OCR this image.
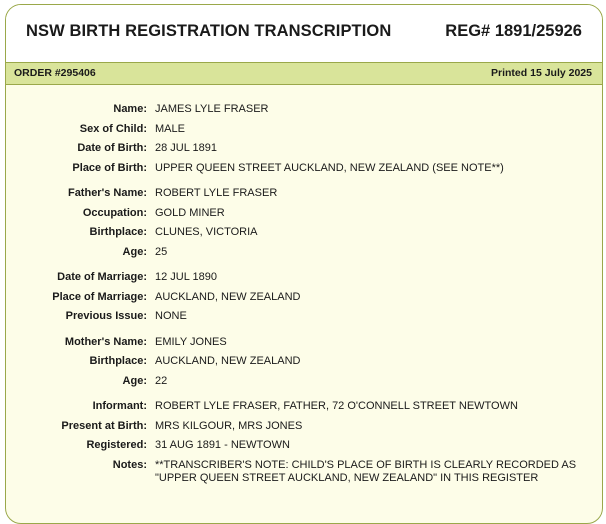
NSW BIRTH REGISTRATION TRANSCRIPTION	REG# 1891/25926
ORDER #295406	Printed 15 July 2025
Name: JAMES LYLE FRASER
Sex of Child: MALE
Date of Birth: 28 JUL 1891
Place of Birth: UPPER QUEEN STREET AUCKLAND, NEW ZEALAND (SEE NOTE**)
Father's Name: ROBERT LYLE FRASER
Occupation: GOLD MINER
Birthplace: CLUNES, VICTORIA
Age: 25
Date of Marriage: 12 JUL 1890
Place of Marriage: AUCKLAND, NEW ZEALAND
Previous Issue: NONE
Mother's Name: EMILY JONES
Birthplace: AUCKLAND, NEW ZEALAND
Age: 22
Informant: ROBERT LYLE FRASER, FATHER, 72 O'CONNELL STREET NEWTOWN
Present at Birth: MRS KILGOUR, MRS JONES
Registered: 31 AUG 1891 - NEWTOWN
Notes: **TRANSCRIBER'S NOTE: CHILD'S PLACE OF BIRTH IS CLEARLY RECORDED AS "UPPER QUEEN STREET AUCKLAND, NEW ZEALAND" IN THIS REGISTER
